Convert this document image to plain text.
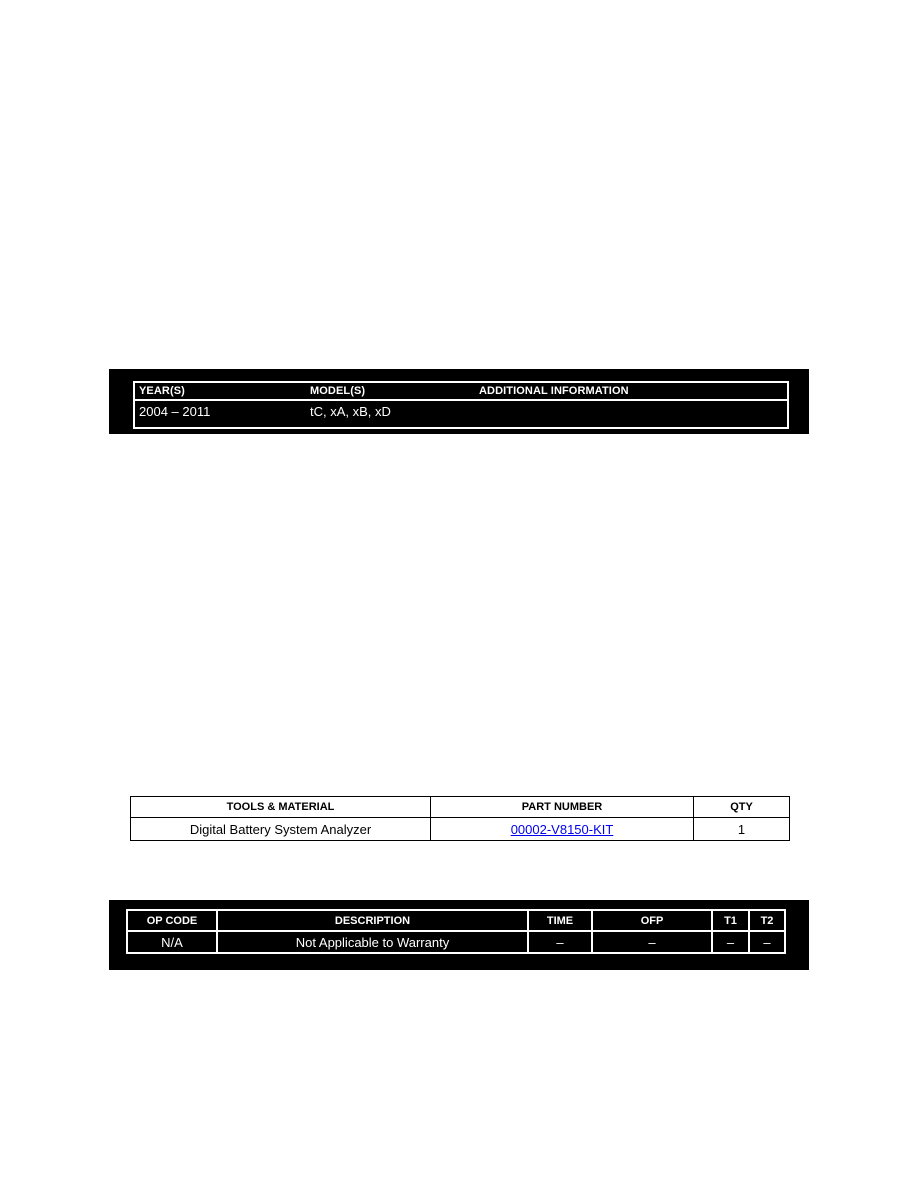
YEAR(S)	MODEL(S)	ADDITIONAL INFORMATION
2004 – 2011	tC, xA, xB, xD
TOOLS & MATERIAL	PART NUMBER	QTY
Digital Battery System Analyzer	00002-V8150-KIT	1
OP CODE	DESCRIPTION	TIME	OFP	T1	T2
N/A	Not Applicable to Warranty	–	–	–	–
